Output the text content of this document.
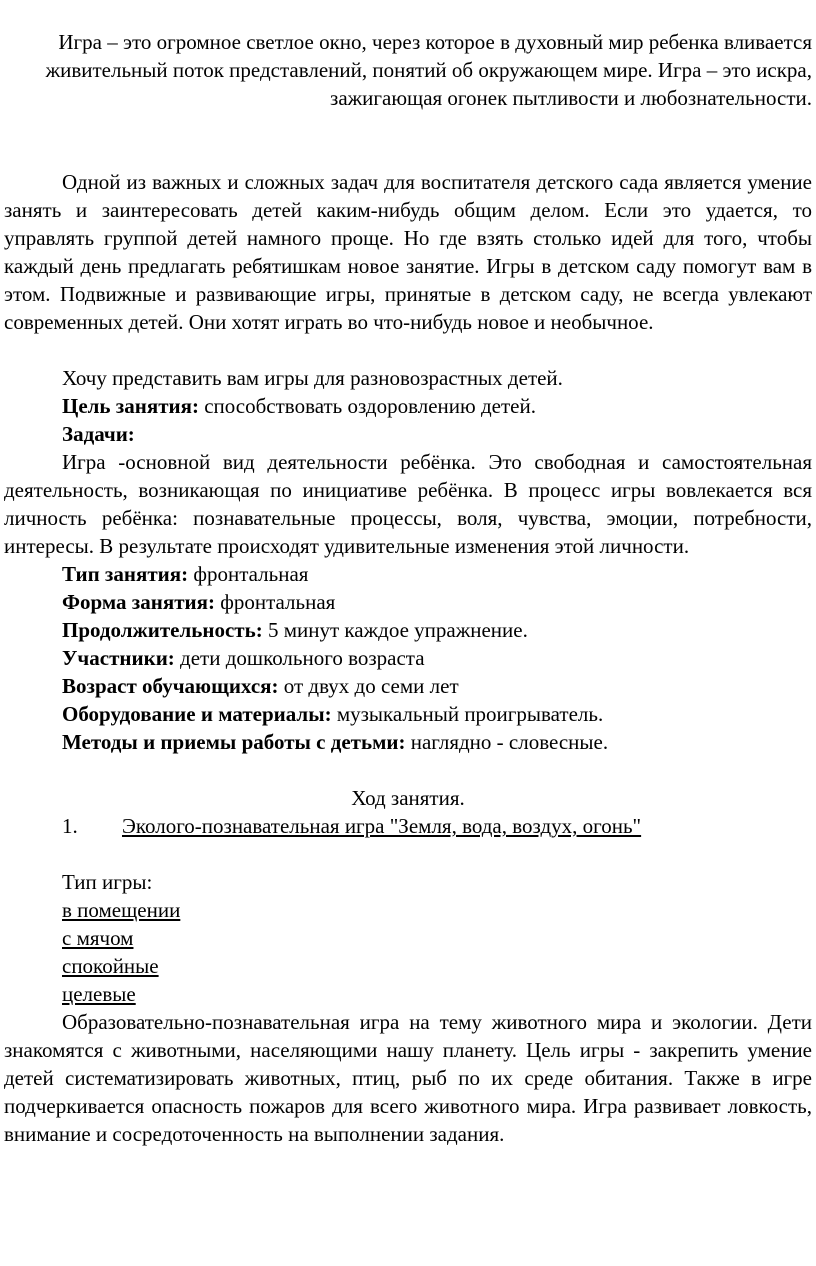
Игра – это огромное светлое окно, через которое в духовный мир ребенка вливается живительный поток представлений, понятий об окружающем мире. Игра – это искра, зажигающая огонек пытливости и любознательности.

Одной из важных и сложных задач для воспитателя детского сада является умение занять и заинтересовать детей каким-нибудь общим делом. Если это удается, то управлять группой детей намного проще. Но где взять столько идей для того, чтобы каждый день предлагать ребятишкам новое занятие. Игры в детском саду помогут вам в этом. Подвижные и развивающие игры, принятые в детском саду, не всегда увлекают современных детей. Они хотят играть во что-нибудь новое и необычное.

Хочу представить вам игры для разновозрастных детей.

Цель занятия: способствовать оздоровлению детей.

Задачи:

Игра -основной вид деятельности ребёнка. Это свободная и самостоятельная деятельность, возникающая по инициативе ребёнка. В процесс игры вовлекается вся личность ребёнка: познавательные процессы, воля, чувства, эмоции, потребности, интересы. В результате происходят удивительные изменения этой личности.

Тип занятия: фронтальная

Форма занятия: фронтальная

Продолжительность: 5 минут каждое упражнение.

Участники: дети дошкольного возраста

Возраст обучающихся: от двух до семи лет

Оборудование и материалы: музыкальный проигрыватель.

Методы и приемы работы с детьми: наглядно - словесные.

Ход занятия.

1.	Эколого-познавательная игра "Земля, вода, воздух, огонь"

Тип игры:

в помещении

с мячом

спокойные

целевые

Образовательно-познавательная игра на тему животного мира и экологии. Дети знакомятся с животными, населяющими нашу планету. Цель игры - закрепить умение детей систематизировать животных, птиц, рыб по их среде обитания. Также в игре подчеркивается опасность пожаров для всего животного мира. Игра развивает ловкость, внимание и сосредоточенность на выполнении задания.
